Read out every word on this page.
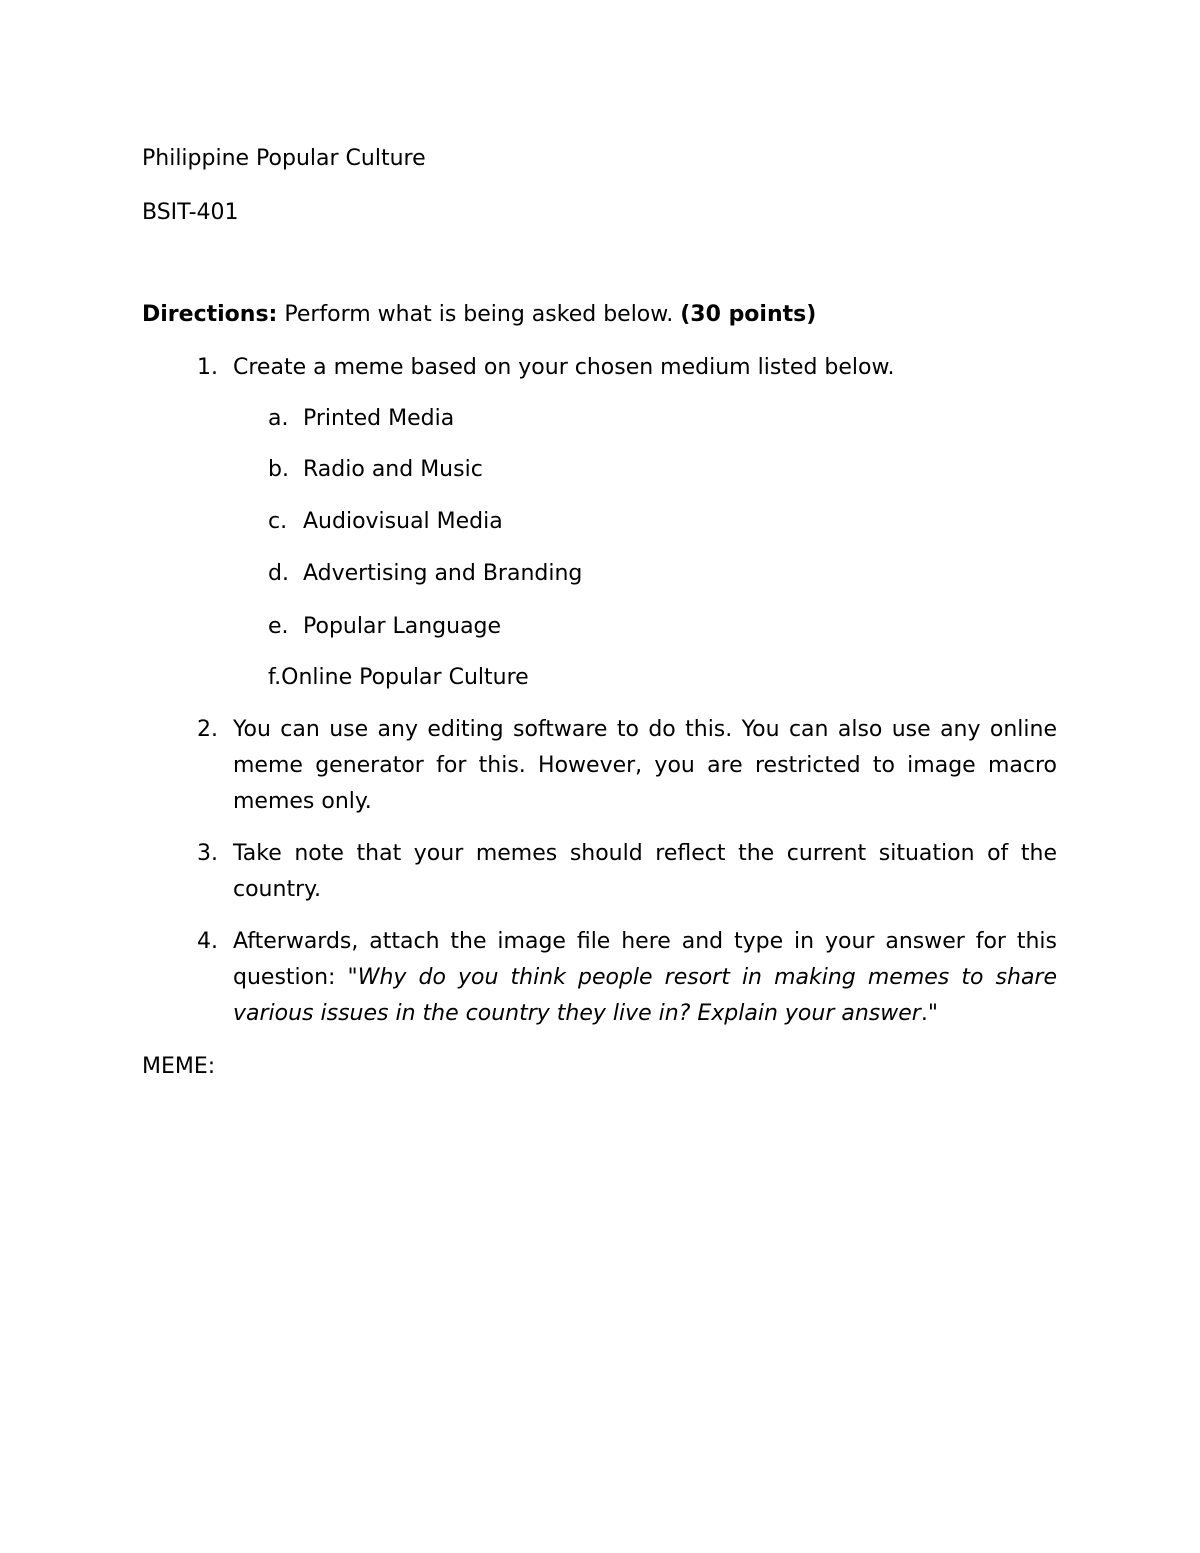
Philippine Popular Culture
BSIT-401
Directions: Perform what is being asked below. (30 points)
1. Create a meme based on your chosen medium listed below.
a. Printed Media
b. Radio and Music
c. Audiovisual Media
d. Advertising and Branding
e. Popular Language
f.Online Popular Culture
2. You can use any editing software to do this. You can also use any online meme generator for this. However, you are restricted to image macro memes only.
3. Take note that your memes should reflect the current situation of the country.
4. Afterwards, attach the image file here and type in your answer for this question: "Why do you think people resort in making memes to share various issues in the country they live in? Explain your answer."
MEME:
